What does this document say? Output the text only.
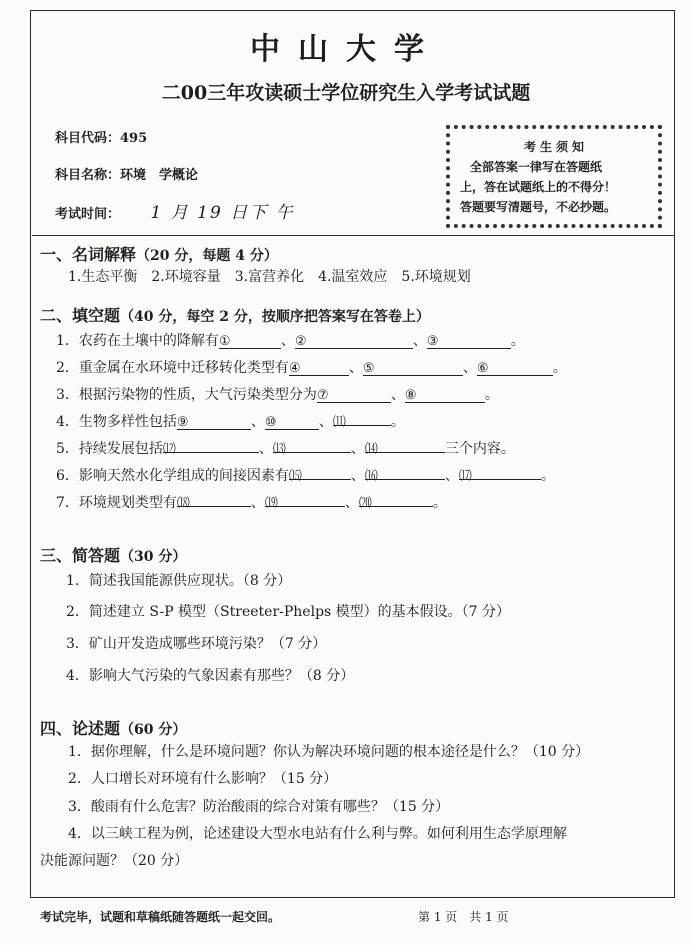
中山大学
二00三年攻读硕士学位研究生入学考试试题
科目代码：495
科目名称：环境　学概论
考试时间： 1 月 19 日下 午
考生须知
全部答案一律写在答题纸
上，答在试题纸上的不得分！
答题要写清题号，不必抄题。
一、名词解释（20 分，每题 4 分）
1.生态平衡　2.环境容量　3.富营养化　4.温室效应　5.环境规划
二、填空题（40 分，每空 2 分，按顺序把答案写在答卷上）
1．农药在土壤中的降解有①	、②	、③	。
2．重金属在水环境中迁移转化类型有④	、⑤	、⑥	。
3．根据污染物的性质，大气污染类型分为⑦	、⑧	。
4．生物多样性包括⑨	、⑩	、⑾	。
5．持续发展包括⑿	、⒀	、⒁	三个内容。
6．影响天然水化学组成的间接因素有⒂	、⒃	、⒄	。
7．环境规划类型有⒅	、⒆	、⒇	。
三、简答题（30 分）
1．简述我国能源供应现状。（8 分）
2．简述建立 S-P 模型（Streeter-Phelps 模型）的基本假设。（7 分）
3．矿山开发造成哪些环境污染？（7 分）
4．影响大气污染的气象因素有那些？（8 分）
四、论述题（60 分）
1．据你理解，什么是环境问题？你认为解决环境问题的根本途径是什么？（10 分）
2．人口增长对环境有什么影响？（15 分）
3．酸雨有什么危害？防治酸雨的综合对策有哪些？（15 分）
4．以三峡工程为例，论述建设大型水电站有什么利与弊。如何利用生态学原理解
决能源问题？（20 分）
考试完毕，试题和草稿纸随答题纸一起交回。	第 1 页　共 1 页
